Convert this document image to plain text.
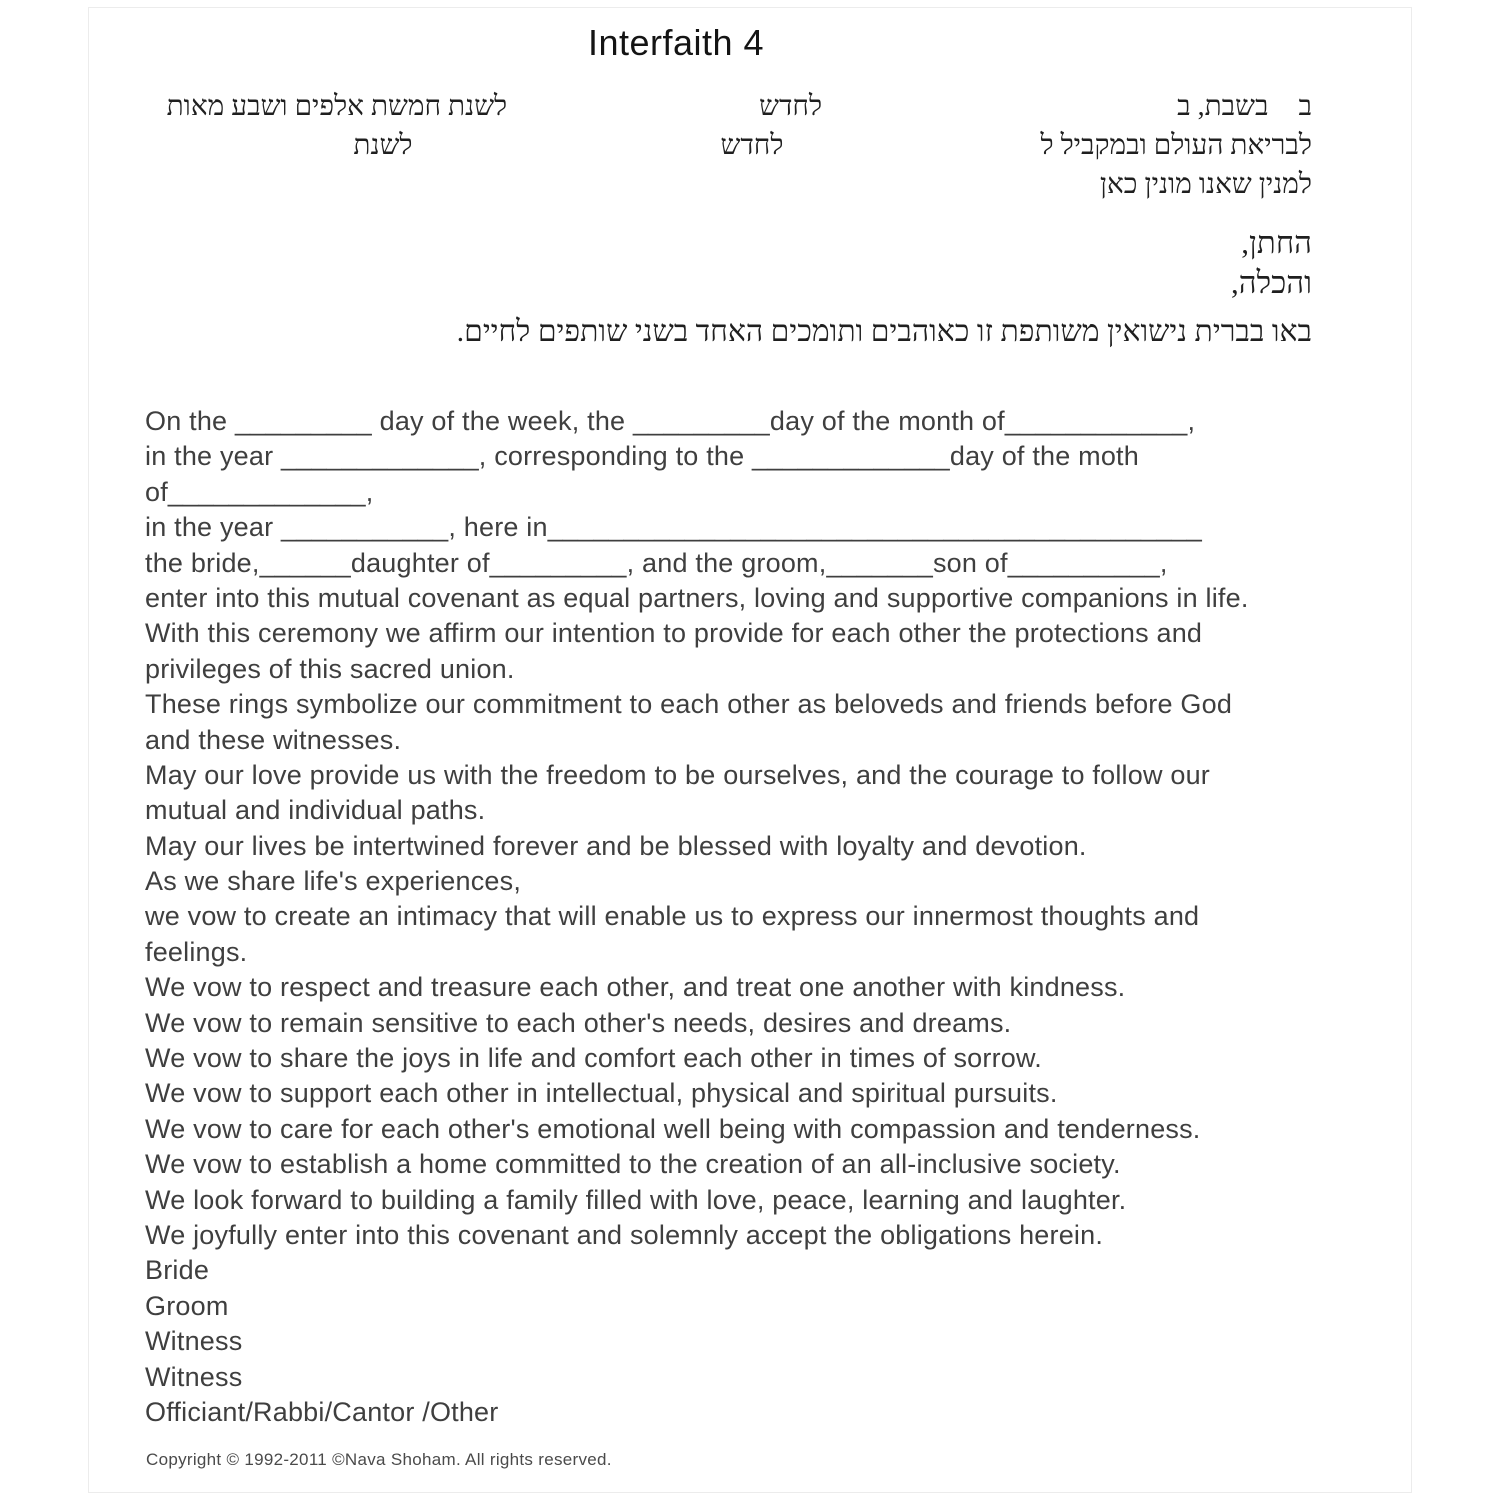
Interfaith 4
בבשבת, בלחדשלשנת חמשת אלפים ושבע מאות
לבריאת העולם ובמקביל ללחדשלשנת
למנין שאנו מונין כאן
החתן,
והכלה,
באו בברית נישואין משותפת זו כאוהבים ותומכים האחד בשני שותפים לחיים.
On the _________ day of the week, the _________day of the month of____________,
in the year _____________, corresponding to the _____________day of the moth
of_____________,
in the year ___________, here in___________________________________________
the bride,______daughter of_________, and the groom,_______son of__________,
enter into this mutual covenant as equal partners, loving and supportive companions in life.
With this ceremony we affirm our intention to provide for each other the protections and
privileges of this sacred union.
These rings symbolize our commitment to each other as beloveds and friends before God
and these witnesses.
May our love provide us with the freedom to be ourselves, and the courage to follow our
mutual and individual paths.
May our lives be intertwined forever and be blessed with loyalty and devotion.
As we share life's experiences,
we vow to create an intimacy that will enable us to express our innermost thoughts and
feelings.
We vow to respect and treasure each other, and treat one another with kindness.
We vow to remain sensitive to each other's needs, desires and dreams.
We vow to share the joys in life and comfort each other in times of sorrow.
We vow to support each other in intellectual, physical and spiritual pursuits.
We vow to care for each other's emotional well being with compassion and tenderness.
We vow to establish a home committed to the creation of an all-inclusive society.
We look forward to building a family filled with love, peace, learning and laughter.
We joyfully enter into this covenant and solemnly accept the obligations herein.
Bride
Groom
Witness
Witness
Officiant/Rabbi/Cantor /Other
Copyright © 1992-2011 ©Nava Shoham. All rights reserved.
